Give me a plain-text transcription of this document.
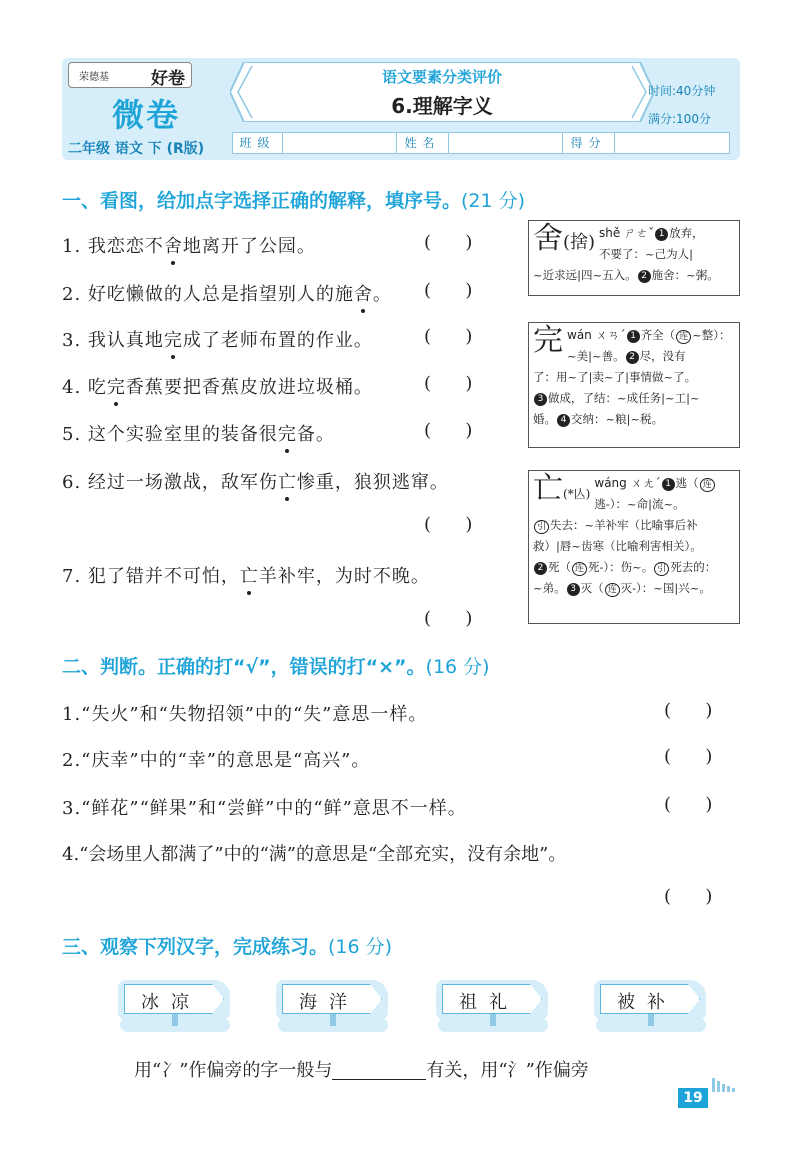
荣德基 好卷
微卷
二年级 语文 下 (R版)
语文要素分类评价
6.理解字义
时间:40分钟
满分:100分
班级	姓名	得分
一、看图，给加点字选择正确的解释，填序号。(21 分)
1. 我恋恋不舍地离开了公园。	(      )
2. 好吃懒做的人总是指望别人的施舍。 (      )
3. 我认真地完成了老师布置的作业。	(      )
4. 吃完香蕉要把香蕉皮放进垃圾桶。	(      )
5. 这个实验室里的装备很完备。	(      )
6. 经过一场激战，敌军伤亡惨重，狼狈逃窜。
(      )
7. 犯了错并不可怕，亡羊补牢，为时不晚。
(      )
舍(捨) shě ㄕㄜˇ 1 放弃，
不要了：~己为人|
~近求远|四~五入。 2 施舍：~粥。
完 wán ㄨㄢˊ 1 齐全（ 连 ~整）：
~美|~善。 2 尽，没有
了：用~了|卖~了|事情做~了。
3 做成，了结：~成任务|~工|~
婚。 4 交纳：~粮|~税。
亡(*亾)
wáng ㄨㄤˊ 1 逃（ 连
逃-）：~命|流~。
引 失去：~羊补牢（比喻事后补
救）|唇~齿寒（比喻利害相关）。
2 死（ 连 死-）：伤~。 引 死去的：
~弟。 3 灭（ 连 灭-）：~国|兴~。
二、判断。正确的打“√”，错误的打“×”。(16 分)
1.“失火”和“失物招领”中的“失”意思一样。	(      )
2.“庆幸”中的“幸”的意思是“高兴”。	(      )
3.“鲜花”“鲜果”和“尝鲜”中的“鲜”意思不一样。	(      )
4.“会场里人都满了”中的“满”的意思是“全部充实，没有余地”。
(      )
三、观察下列汉字，完成练习。(16 分)
冰凉	海洋	祖礼	被补
用“冫”作偏旁的字一般与	有关，用“氵”作偏旁
19
